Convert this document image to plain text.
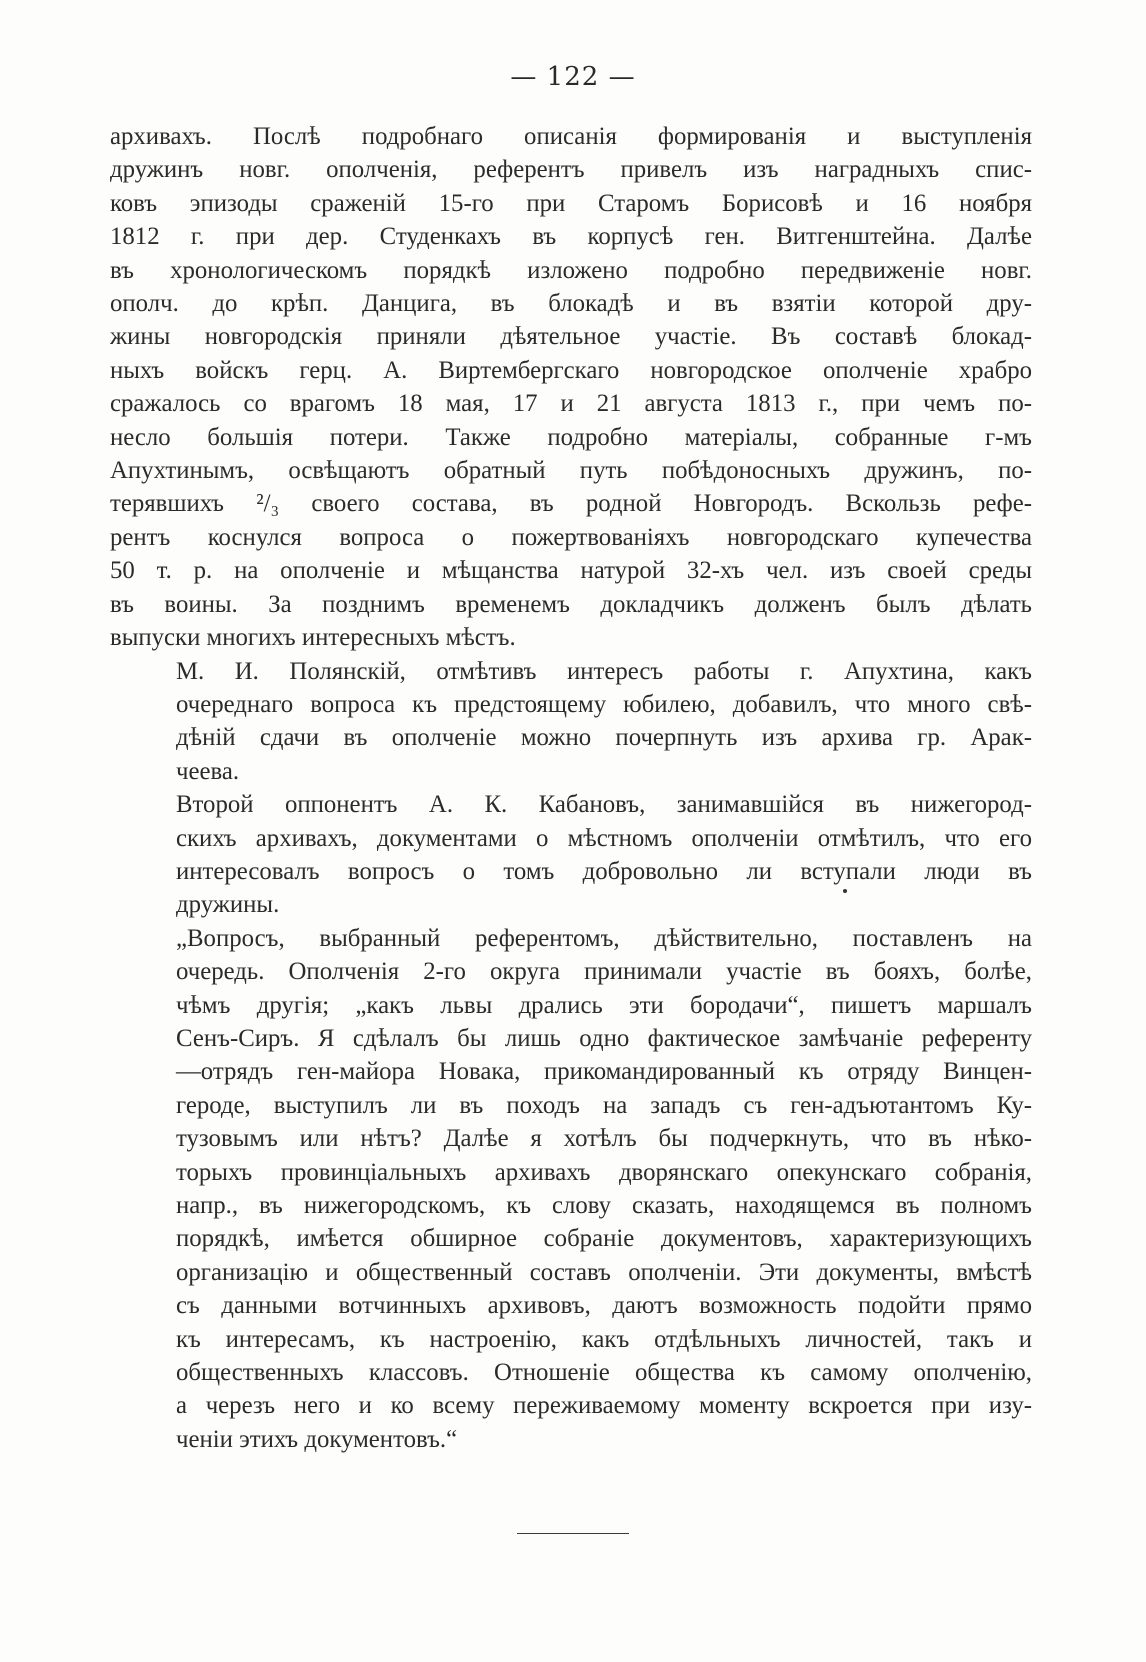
— 122 —
архивахъ. Послѣ подробнаго описанія формированія и выступленія
дружинъ новг. ополченія, референтъ привелъ изъ наградныхъ спис-
ковъ эпизоды сраженій 15-го при Старомъ Борисовѣ и 16 ноября
1812 г. при дер. Студенкахъ въ корпусѣ ген. Витгенштейна. Далѣе
въ хронологическомъ порядкѣ изложено подробно передвиженіе новг.
ополч. до крѣп. Данцига, въ блокадѣ и въ взятіи которой дру-
жины новгородскія приняли дѣятельное участіе. Въ составѣ блокад-
ныхъ войскъ герц. А. Виртембергскаго новгородское ополченіе храбро
сражалось со врагомъ 18 мая, 17 и 21 августа 1813 г., при чемъ по-
несло большія потери. Также подробно матеріалы, собранные г-мъ
Апухтинымъ, освѣщаютъ обратный путь побѣдоносныхъ дружинъ, по-
терявшихъ ²/₃ своего состава, въ родной Новгородъ. Вскользь рефе-
рентъ коснулся вопроса о пожертвованіяхъ новгородскаго купечества
50 т. р. на ополченіе и мѣщанства натурой 32-хъ чел. изъ своей среды
въ воины. За позднимъ временемъ докладчикъ долженъ былъ дѣлать
выпуски многихъ интересныхъ мѣстъ.
М. И. Полянскій, отмѣтивъ интересъ работы г. Апухтина, какъ
очереднаго вопроса къ предстоящему юбилею, добавилъ, что много свѣ-
дѣній сдачи въ ополченіе можно почерпнуть изъ архива гр. Арак-
чеева.
Второй оппонентъ А. К. Кабановъ, занимавшійся въ нижегород-
скихъ архивахъ, документами о мѣстномъ ополченіи отмѣтилъ, что его
интересовалъ вопросъ о томъ добровольно ли вступали люди въ
дружины.
„Вопросъ, выбранный референтомъ, дѣйствительно, поставленъ на
очередь. Ополченія 2-го округа принимали участіе въ бояхъ, болѣе,
чѣмъ другія; „какъ львы дрались эти бородачи“, пишетъ маршалъ
Сенъ-Сиръ. Я сдѣлалъ бы лишь одно фактическое замѣчаніе референту
—отрядъ ген-майора Новака, прикомандированный къ отряду Винцен-
героде, выступилъ ли въ походъ на западъ съ ген-адъютантомъ Ку-
тузовымъ или нѣтъ? Далѣе я хотѣлъ бы подчеркнуть, что въ нѣко-
торыхъ провинціальныхъ архивахъ дворянскаго опекунскаго собранія,
напр., въ нижегородскомъ, къ слову сказать, находящемся въ полномъ
порядкѣ, имѣется обширное собраніе документовъ, характеризующихъ
организацію и общественный составъ ополченіи. Эти документы, вмѣстѣ
съ данными вотчинныхъ архивовъ, даютъ возможность подойти прямо
къ интересамъ, къ настроенію, какъ отдѣльныхъ личностей, такъ и
общественныхъ классовъ. Отношеніе общества къ самому ополченію,
а черезъ него и ко всему переживаемому моменту вскроется при изу-
ченіи этихъ документовъ.“
